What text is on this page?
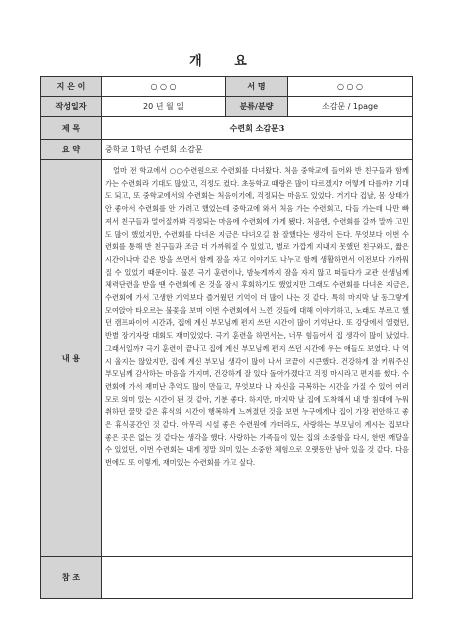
개 요
지 은 이	○ ○ ○	서 명	○ ○ ○
작성일자	20 년 월 일	분류/분량	소감문 / 1page
제 목	수련회 소감문3		
요 약	중학교 1학년 수련회 소감문		
내 용	얼마 전 학교에서 ○○수련원으로 수련회를 다녀왔다. 처음 중학교에 들어와 반 친구들과 함께 가는 수련회라 기대도 많았고, 걱정도 컸다. 초등학교 때랑은 많이 다르겠지? 어떻게 다를까? 기대도 되고, 또 중학교에서의 수련회는 처음이기에, 걱정되는 마음도 있었다. 거기다 겁날, 몸 상태가 안 좋아서 수련회를 안 가려고 했었는데 중학교에 와서 처음 가는 수련회고, 다들 가는데 나만 빠져서 친구들과 멀어질까봐 걱정되는 마음에 수련회에 가게 됐다. 처음엔, 수련회를 갈까 말까 고민도 많이 했었지만, 수련회를 다녀온 지금은 다녀오길 참 잘했다는 생각이 든다. 무엇보다 이번 수련회를 통해 반 친구들과 조금 더 가까워질 수 있었고, 별로 가깝게 지내지 못했던 친구와도, 짧은 시간이나마 같은 방을 쓰면서 함께 잠을 자고 이야기도 나누고 함께 생활하면서 이전보다 가까워질 수 있었기 때문이다. 물론 극기 훈련이나, 밤늦게까지 잠을 자지 않고 떠들다가 교관 선생님께 체력단련을 받을 땐 수련회에 온 것을 잠시 후회하기도 했었지만 그래도 수련회를 다녀온 지금은, 수련회에 가서 고생한 기억보다 즐거웠던 기억이 더 많이 나는 것 같다. 특히 마지막 날 동그랗게 모여앉아 타오르는 불꽃을 보며 이번 수련회에서 느낀 것들에 대해 이야기하고, 노래도 부르고 했던 캠프파이어 시간과, 집에 계신 부모님께 편지 쓰던 시간이 많이 기억난다. 또 강당에서 열렸던, 반별 장기자랑 대회도 재미있었다. 극기 훈련을 하면서는, 너무 힘들어서 집 생각이 많이 났었다. 그래서일까? 극기 훈련이 끝나고 집에 계신 부모님께 편지 쓰던 시간에 우는 애들도 보였다. 나 역시 울지는 않았지만, 집에 계신 부모님 생각이 많이 나서 코끝이 시큰했다. 건강하게 잘 키워주신 부모님께 감사하는 마음을 가지며, 건강하게 잘 있다 돌아가겠다고 걱정 마시라고 편지를 썼다. 수련회에 가서 재미난 추억도 많이 만들고, 무엇보다 나 자신을 극복하는 시간을 가질 수 있어 여러모로 의미 있는 시간이 된 것 같아, 기분 좋다. 하지만, 마지막 날 집에 도착해서 내 방 침대에 누워 취하던 꿀맛 같은 휴식의 시간이 행복하게 느껴졌던 것을 보면 누구에게나 집이 가장 편안하고 좋은 휴식공간인 것 같다. 아무리 시설 좋은 수련원에 가더라도, 사랑하는 부모님이 계시는 집보다 좋은 곳은 없는 것 같다는 생각을 했다. 사랑하는 가족들이 있는 집의 소중함을 다시, 한번 깨달을 수 있었던, 이번 수련회는 내게 정말 의미 있는 소중한 체험으로 오랫동안 남아 있을 것 같다. 다음 번에도 또 이렇게, 재미있는 수련회를 가고 싶다.		

참 조			
